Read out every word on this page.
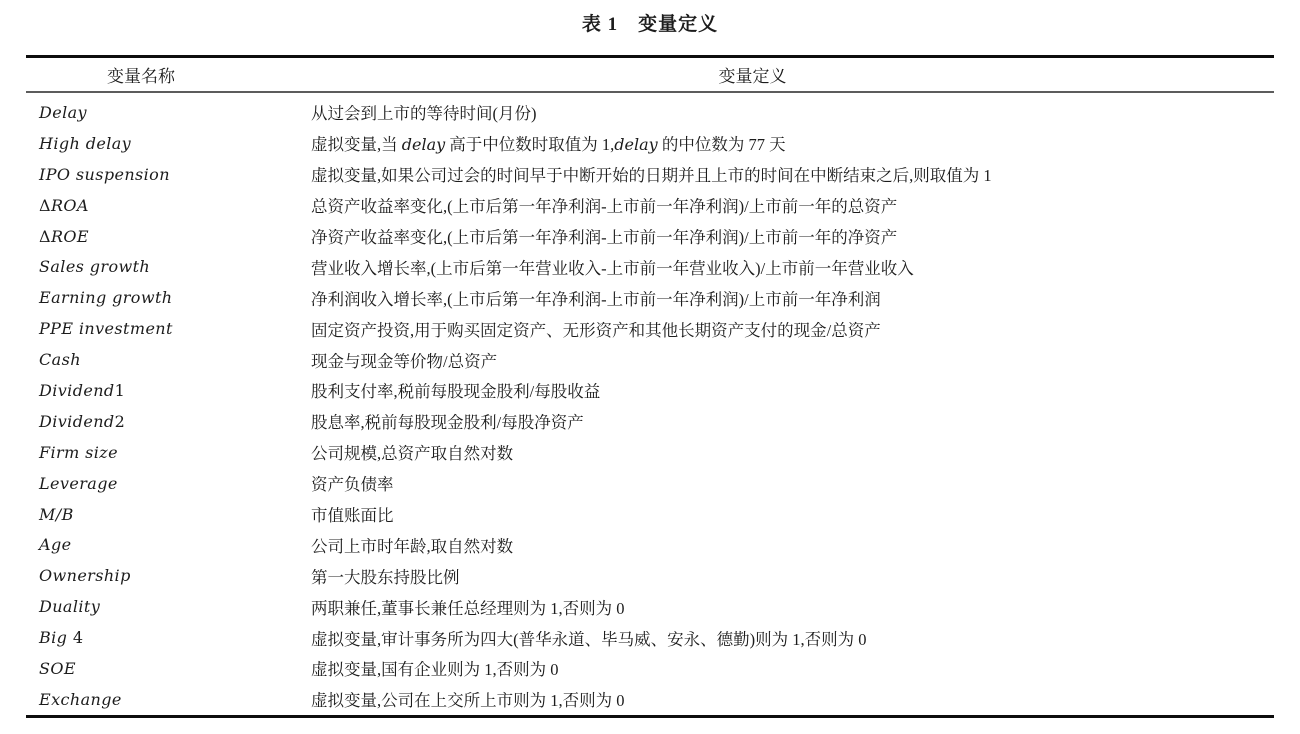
表 1　变量定义
变量名称	变量定义
Delay	从过会到上市的等待时间(月份)
High delay	虚拟变量,当 delay 高于中位数时取值为 1,delay 的中位数为 77 天
IPO suspension	虚拟变量,如果公司过会的时间早于中断开始的日期并且上市的时间在中断结束之后,则取值为 1
ΔROA	总资产收益率变化,(上市后第一年净利润-上市前一年净利润)/上市前一年的总资产
ΔROE	净资产收益率变化,(上市后第一年净利润-上市前一年净利润)/上市前一年的净资产
Sales growth	营业收入增长率,(上市后第一年营业收入-上市前一年营业收入)/上市前一年营业收入
Earning growth	净利润收入增长率,(上市后第一年净利润-上市前一年净利润)/上市前一年净利润
PPE investment	固定资产投资,用于购买固定资产、无形资产和其他长期资产支付的现金/总资产
Cash	现金与现金等价物/总资产
Dividend1	股利支付率,税前每股现金股利/每股收益
Dividend2	股息率,税前每股现金股利/每股净资产
Firm size	公司规模,总资产取自然对数
Leverage	资产负债率
M/B	市值账面比
Age	公司上市时年龄,取自然对数
Ownership	第一大股东持股比例
Duality	两职兼任,董事长兼任总经理则为 1,否则为 0
Big 4	虚拟变量,审计事务所为四大(普华永道、毕马威、安永、德勤)则为 1,否则为 0
SOE	虚拟变量,国有企业则为 1,否则为 0
Exchange	虚拟变量,公司在上交所上市则为 1,否则为 0
